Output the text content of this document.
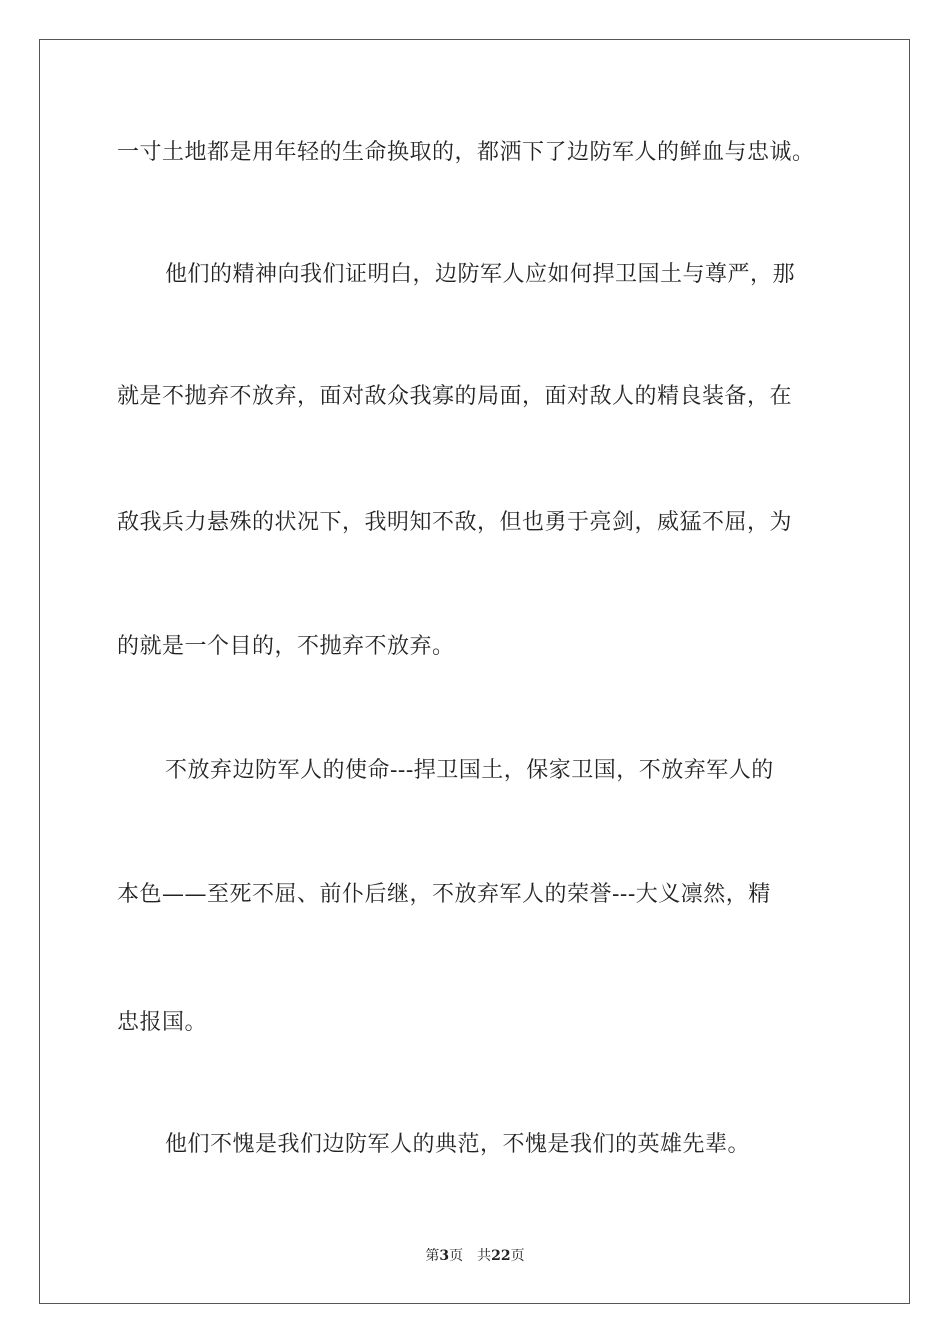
一寸土地都是用年轻的生命换取的，都洒下了边防军人的鲜血与忠诚。
他们的精神向我们证明白，边防军人应如何捍卫国土与尊严，那
就是不抛弃不放弃，面对敌众我寡的局面，面对敌人的精良装备，在
敌我兵力悬殊的状况下，我明知不敌，但也勇于亮剑，威猛不屈，为
的就是一个目的，不抛弃不放弃。
不放弃边防军人的使命---捍卫国土，保家卫国，不放弃军人的
本色——至死不屈、前仆后继，不放弃军人的荣誉---大义凛然，精
忠报国。
他们不愧是我们边防军人的典范，不愧是我们的英雄先辈。
第3页 共22页
